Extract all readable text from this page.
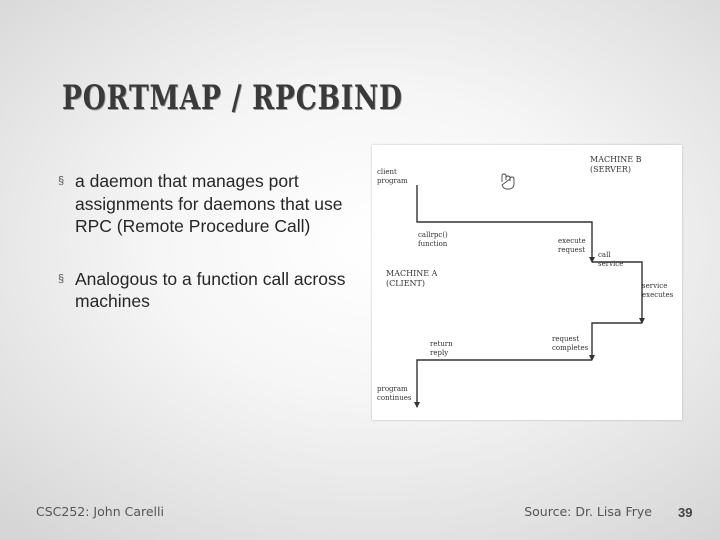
PORTMAP / RPCBIND
§ a daemon that manages port assignments for daemons that use RPC (Remote Procedure Call)
§ Analogous to a function call across machines
MACHINE B
(SERVER)
MACHINE A
(CLIENT)
client
program
callrpc()
function	execute
request
call
service
service
executes
request
completes
return
reply
program
continues
CSC252: John Carelli	Source: Dr. Lisa Frye 39
